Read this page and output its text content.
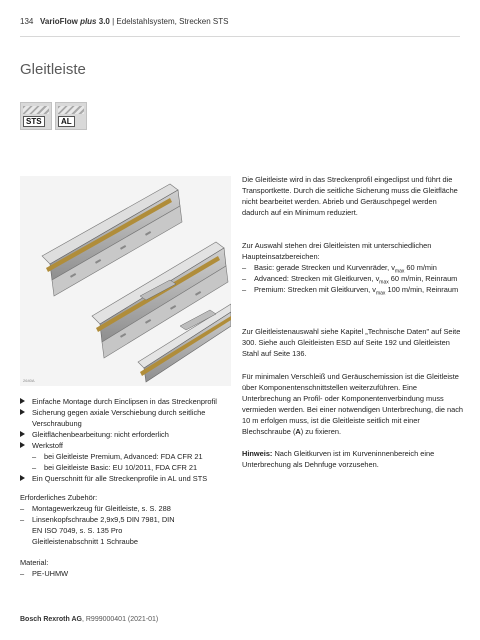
134 VarioFlow plus 3.0 | Edelstahlsystem, Strecken STS
Gleitleiste
STS	AL
2640A

Die Gleitleiste wird in das Streckenprofil eingeclipst und führt die Transportkette. Durch die seitliche Sicherung muss die Gleitfläche nicht bearbeitet werden. Abrieb und Geräuschpegel werden dadurch auf ein Minimum reduziert.

Zur Auswahl stehen drei Gleitleisten mit unterschiedlichen Haupteinsatzbereichen:

–	Basic: gerade Strecken und Kurvenräder, $v_{max}$ 60 m/min
–	Advanced: Strecken mit Gleitkurven, $v_{max}$ 60 m/min, Reinraum
–	Premium: Strecken mit Gleitkurven, $v_{max}$ 100 m/min, Reinraum

Zur Gleitleistenauswahl siehe Kapitel „Technische Daten" auf Seite 300. Siehe auch Gleitleisten ESD auf Seite 192 und Gleitleisten Stahl auf Seite 136.

Für minimalen Verschleiß und Geräuschemission ist die Gleitleiste über Komponentenschnittstellen weiterzuführen. Eine Unterbrechung an Profil- oder Komponentenverbindung muss vermieden werden. Bei einer notwendigen Unterbrechung, die nach 10 m erfolgen muss, ist die Gleitleiste seitlich mit einer Blechschraube (A) zu fixieren.

Hinweis: Nach Gleitkurven ist im Kurveninnenbereich eine Unterbrechung als Dehnfuge vorzusehen.

Einfache Montage durch Einclipsen in das Streckenprofil
Sicherung gegen axiale Verschiebung durch seitliche Verschraubung
Gleitflächenbearbeitung: nicht erforderlich
Werkstoff
–	bei Gleitleiste Premium, Advanced: FDA CFR 21
–	bei Gleitleiste Basic: EU 10/2011, FDA CFR 21
Ein Querschnitt für alle Streckenprofile in AL und STS

Erforderliches Zubehör:

–	Montagewerkzeug für Gleitleiste, s. S. 288
–	Linsenkopfschraube 2,9x9,5 DIN 7981, DIN EN ISO 7049, s. S. 135 Pro Gleitleistenabschnitt 1 Schraube

Material:

–	PE-UHMW
Bosch Rexroth AG, R999000401 (2021-01)
